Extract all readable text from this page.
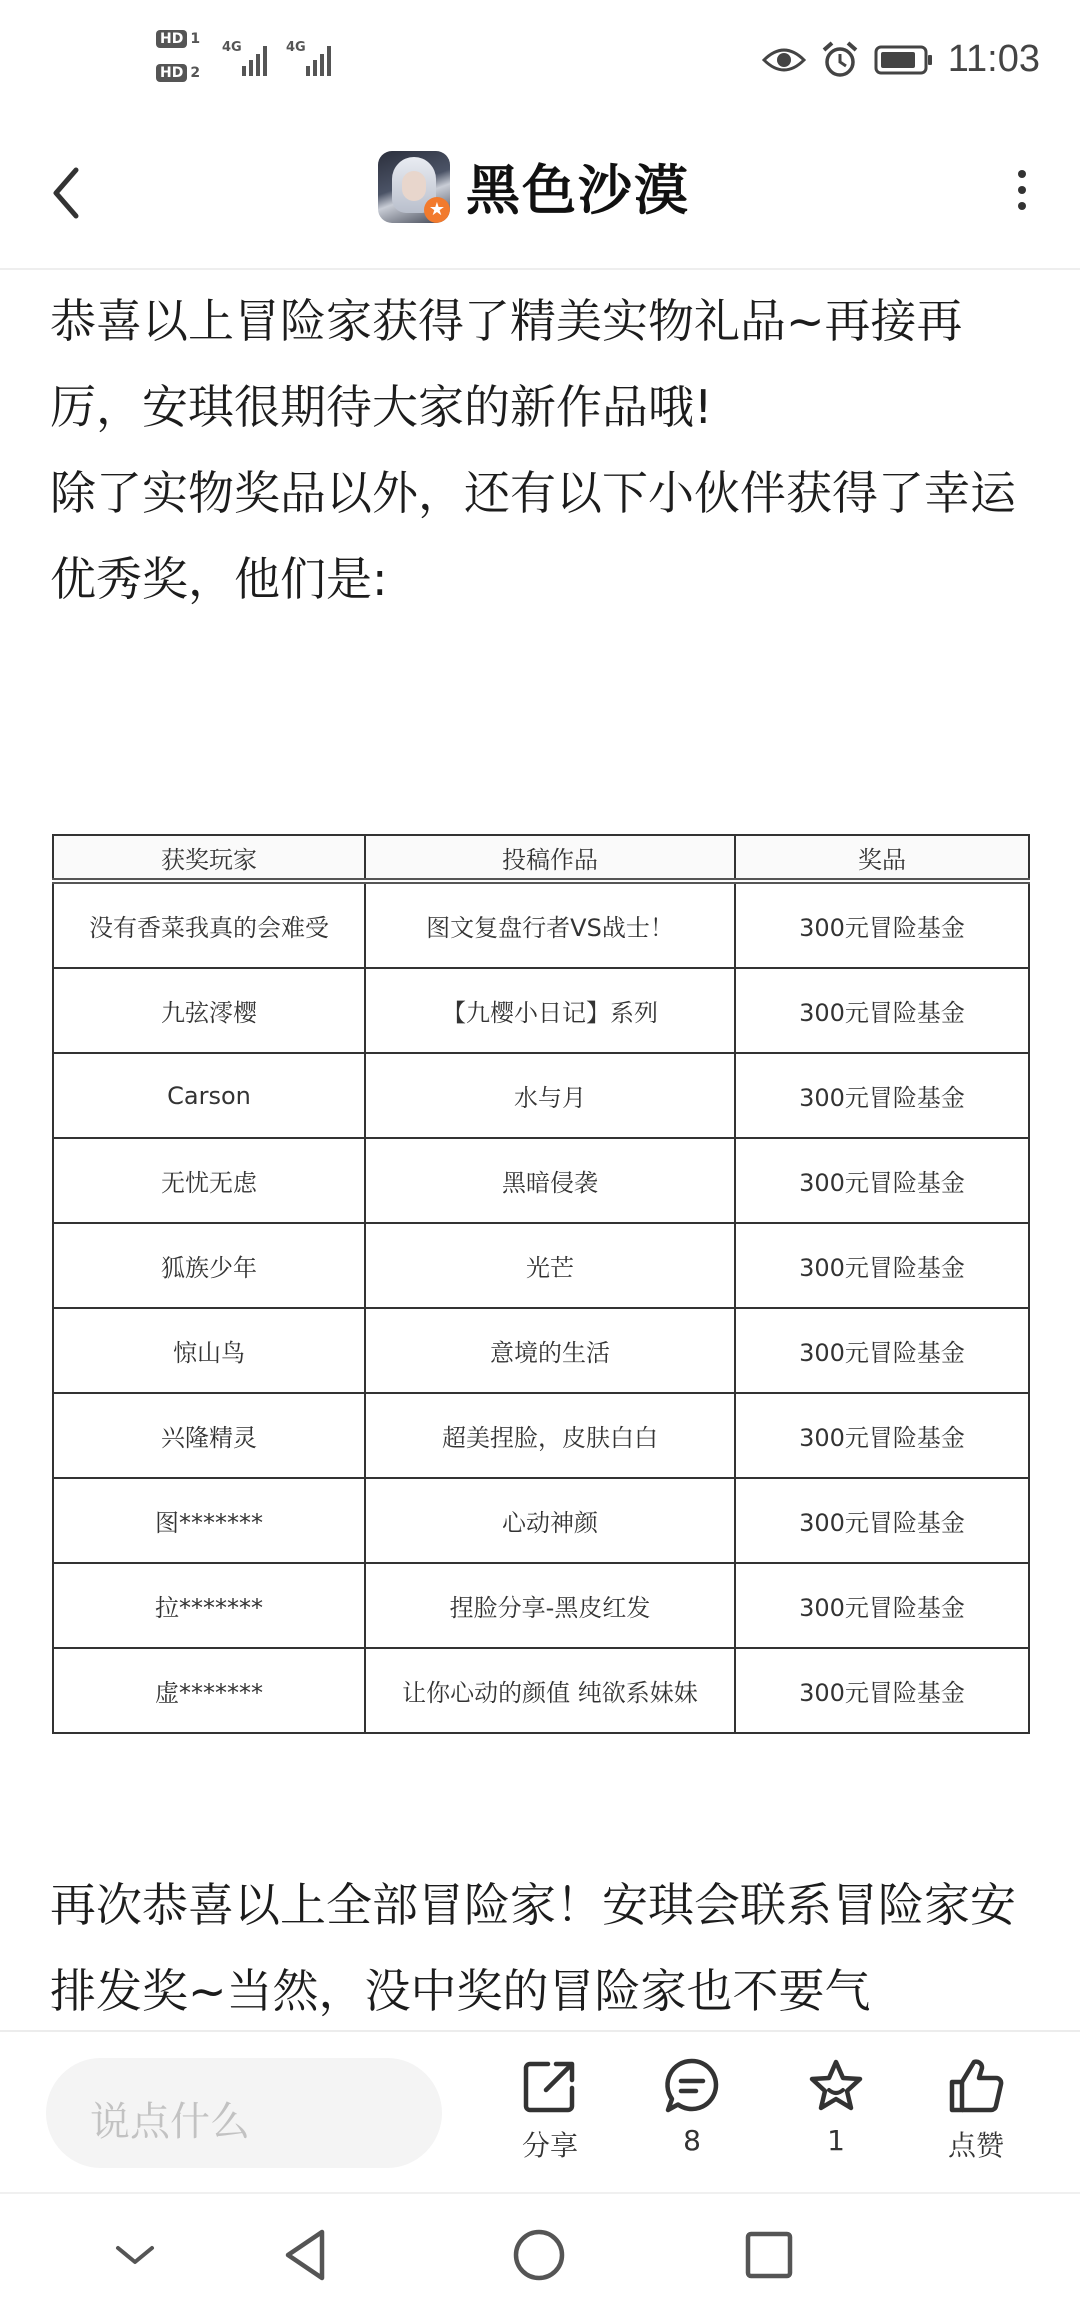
HD 1
HD 2
4G	4G	11:03
★ 黑色沙漠

恭喜以上冒险家获得了精美实物礼品~再接再厉，安琪很期待大家的新作品哦!

除了实物奖品以外，还有以下小伙伴获得了幸运优秀奖，他们是:

获奖玩家	投稿作品	奖品
没有香菜我真的会难受	图文复盘行者VS战士！	300元冒险基金
九弦澪樱	【九樱小日记】系列	300元冒险基金
Carson	水与月	300元冒险基金
无忧无虑	黑暗侵袭	300元冒险基金
狐族少年	光芒	300元冒险基金
惊山鸟	意境的生活	300元冒险基金
兴隆精灵	超美捏脸，皮肤白白	300元冒险基金
图*******	心动神颜	300元冒险基金
拉*******	捏脸分享-黑皮红发	300元冒险基金
虚*******	让你心动的颜值 纯欲系妹妹	300元冒险基金

再次恭喜以上全部冒险家！安琪会联系冒险家安排发奖~当然，没中奖的冒险家也不要气

说点什么
分享	8	1	点赞
